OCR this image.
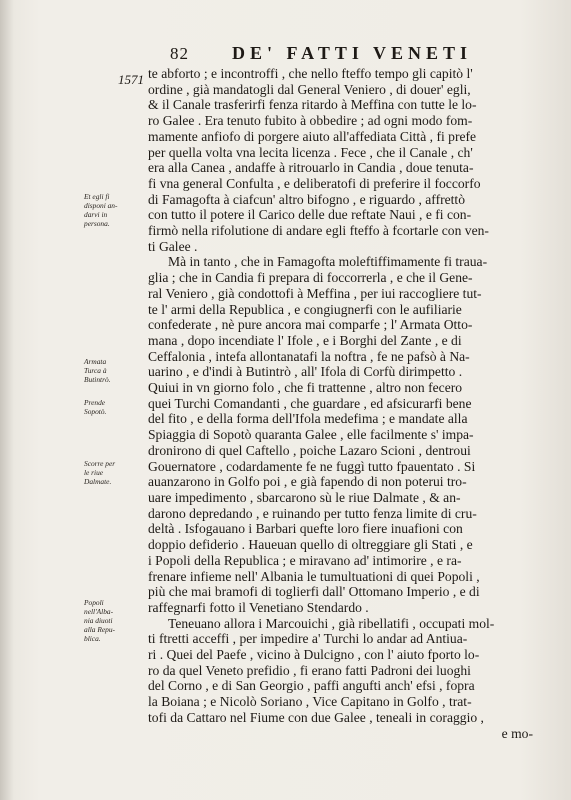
82 DE' FATTI VENETI
1571
Et egli fi
disponi an-
darvi in
persona.
Armata
Turca à
Butintrò.
Prende
Sopotò.
Scorre per
le riue
Dalmate.
Popoli
nell'Alba-
nia diuoti
alla Repu-
blica.
te abforto ; e incontroffi , che nello fteffo tempo gli capitò l'
ordine , già mandatogli dal General Veniero , di douer' egli,
& il Canale trasferirfi fenza ritardo à Meffina con tutte le lo-
ro Galee . Era tenuto fubito à obbedire ; ad ogni modo fom-
mamente anfiofo di porgere aiuto all'affediata Città , fi prefe
per quella volta vna lecita licenza . Fece , che il Canale , ch'
era alla Canea , andaffe à ritrouarlo in Candia , doue tenuta-
fi vna general Confulta , e deliberatofi di preferire il foccorfo
di Famagofta à ciafcun' altro bifogno , e riguardo , affrettò
con tutto il potere il Carico delle due reftate Naui , e fi con-
firmò nella rifolutione di andare egli fteffo à fcortarle con ven-
ti Galee .
Mà in tanto , che in Famagofta moleftiffimamente fi traua-
glia ; che in Candia fi prepara di foccorrerla , e che il Gene-
ral Veniero , già condottofi à Meffina , per iui raccogliere tut-
te l' armi della Republica , e congiugnerfi con le aufiliarie
confederate , nè pure ancora mai comparfe ; l' Armata Otto-
mana , dopo incendiate l' Ifole , e i Borghi del Zante , e di
Ceffalonia , intefa allontanatafi la noftra , fe ne pafsò à Na-
uarino , e d'indi à Butintrò , all' Ifola di Corfù dirimpetto .
Quiui in vn giorno folo , che fi trattenne , altro non fecero
quei Turchi Comandanti , che guardare , ed afsicurarfi bene
del fito , e della forma dell'Ifola medefima ; e mandate alla
Spiaggia di Sopotò quaranta Galee , elle facilmente s' impa-
dronirono di quel Caftello , poiche Lazaro Scioni , dentroui
Gouernatore , codardamente fe ne fuggì tutto fpauentato . Si
auanzarono in Golfo poi , e già fapendo di non poterui tro-
uare impedimento , sbarcarono sù le riue Dalmate , & an-
darono depredando , e ruinando per tutto fenza limite di cru-
deltà . Isfogauano i Barbari quefte loro fiere inuafioni con
doppio defiderio . Haueuan quello di oltreggiare gli Stati , e
i Popoli della Republica ; e miravano ad' intimorire , e ra-
frenare infieme nell' Albania le tumultuationi di quei Popoli ,
più che mai bramofi di toglierfi dall' Ottomano Imperio , e di
raffegnarfi fotto il Venetiano Stendardo .
Teneuano allora i Marcouichi , già ribellatifi , occupati mol-
ti ftretti acceffi , per impedire a' Turchi lo andar ad Antiua-
ri . Quei del Paefe , vicino à Dulcigno , con l' aiuto fporto lo-
ro da quel Veneto prefidio , fi erano fatti Padroni dei luoghi
del Corno , e di San Georgio , paffi angufti anch' efsi , fopra
la Boiana ; e Nicolò Soriano , Vice Capitano in Golfo , trat-
tofi da Cattaro nel Fiume con due Galee , teneali in coraggio ,
e mo-
